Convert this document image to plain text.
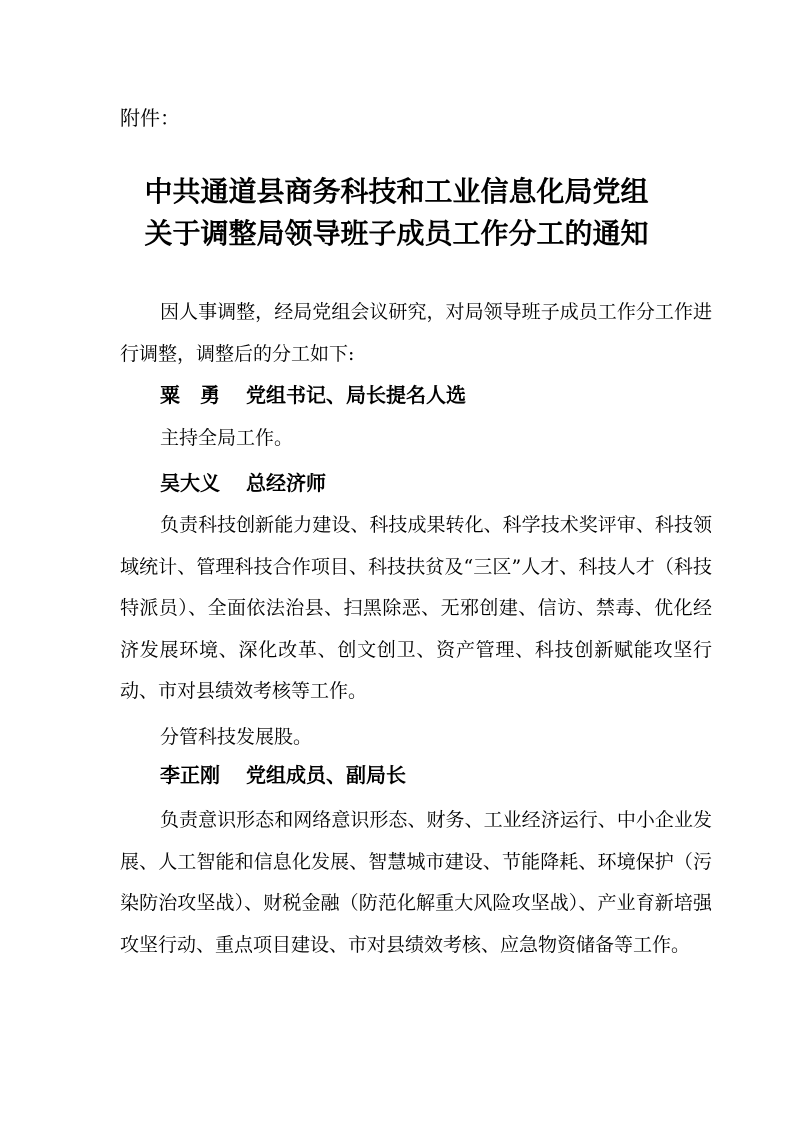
附件：
中共通道县商务科技和工业信息化局党组
关于调整局领导班子成员工作分工的通知
因人事调整，经局党组会议研究，对局领导班子成员工作分工作进行调整，调整后的分工如下:
粟　勇 党组书记、局长提名人选
主持全局工作。
吴大义 总经济师
负责科技创新能力建设、科技成果转化、科学技术奖评审、科技领域统计、管理科技合作项目、科技扶贫及“三区”人才、科技人才（科技特派员）、全面依法治县、扫黑除恶、无邪创建、信访、禁毒、优化经济发展环境、深化改革、创文创卫、资产管理、科技创新赋能攻坚行动、市对县绩效考核等工作。
分管科技发展股。
李正刚 党组成员、副局长
负责意识形态和网络意识形态、财务、工业经济运行、中小企业发展、人工智能和信息化发展、智慧城市建设、节能降耗、环境保护（污染防治攻坚战）、财税金融（防范化解重大风险攻坚战）、产业育新培强攻坚行动、重点项目建设、市对县绩效考核、应急物资储备等工作。
